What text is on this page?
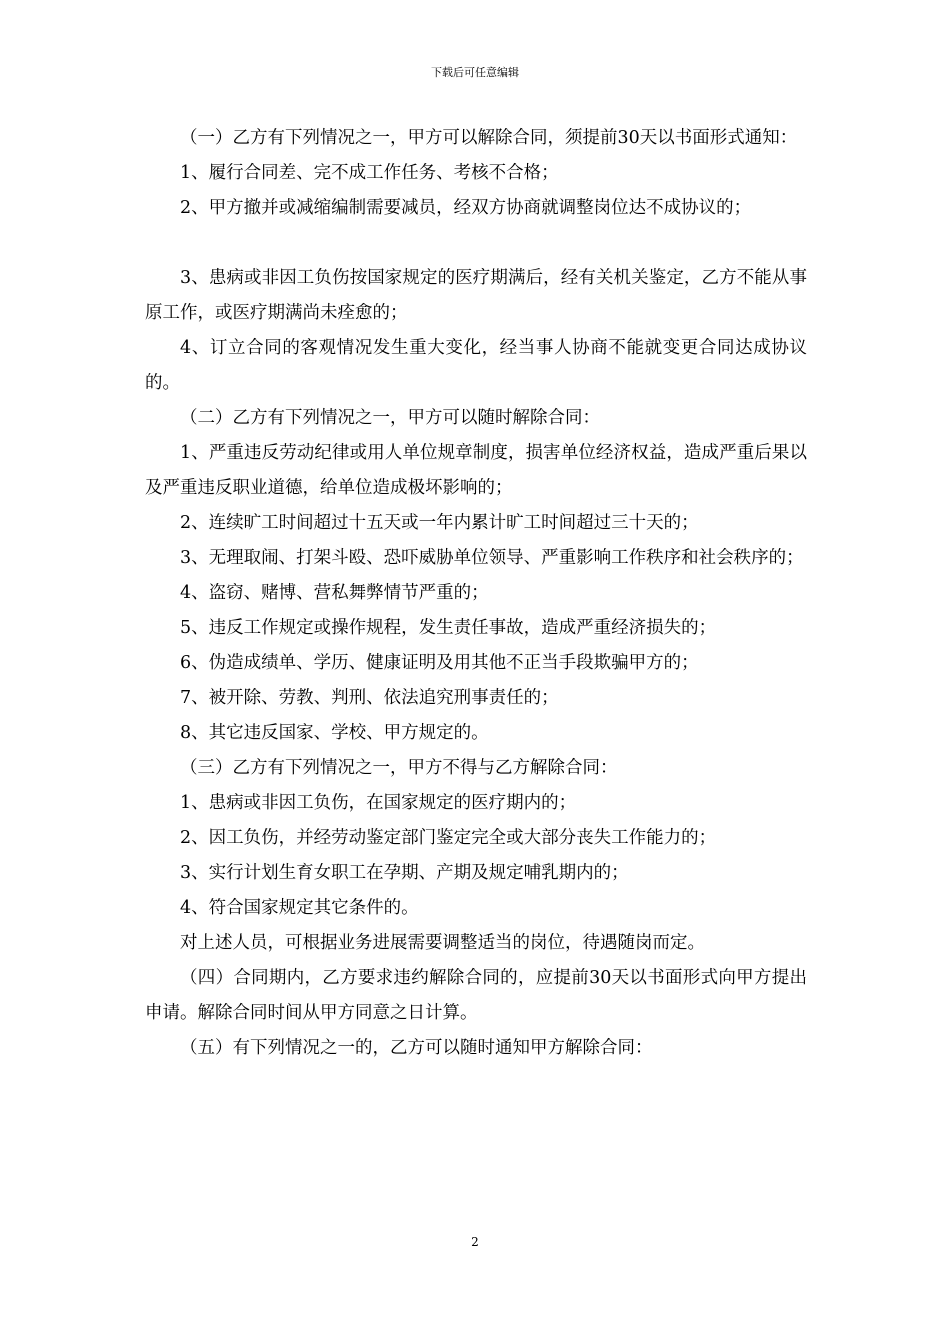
下载后可任意编辑

（一）乙方有下列情况之一，甲方可以解除合同，须提前30天以书面形式通知：

1、履行合同差、完不成工作任务、考核不合格；

2、甲方撤并或减缩编制需要减员，经双方协商就调整岗位达不成协议的；

3、患病或非因工负伤按国家规定的医疗期满后，经有关机关鉴定，乙方不能从事原工作，或医疗期满尚未痊愈的；

4、订立合同的客观情况发生重大变化，经当事人协商不能就变更合同达成协议的。

（二）乙方有下列情况之一，甲方可以随时解除合同：

1、严重违反劳动纪律或用人单位规章制度，损害单位经济权益，造成严重后果以及严重违反职业道德，给单位造成极坏影响的；

2、连续旷工时间超过十五天或一年内累计旷工时间超过三十天的；

3、无理取闹、打架斗殴、恐吓威胁单位领导、严重影响工作秩序和社会秩序的；

4、盗窃、赌博、营私舞弊情节严重的；

5、违反工作规定或操作规程，发生责任事故，造成严重经济损失的；

6、伪造成绩单、学历、健康证明及用其他不正当手段欺骗甲方的；

7、被开除、劳教、判刑、依法追究刑事责任的；

8、其它违反国家、学校、甲方规定的。

（三）乙方有下列情况之一，甲方不得与乙方解除合同：

1、患病或非因工负伤，在国家规定的医疗期内的；

2、因工负伤，并经劳动鉴定部门鉴定完全或大部分丧失工作能力的；

3、实行计划生育女职工在孕期、产期及规定哺乳期内的；

4、符合国家规定其它条件的。

对上述人员，可根据业务进展需要调整适当的岗位，待遇随岗而定。

（四）合同期内，乙方要求违约解除合同的，应提前30天以书面形式向甲方提出申请。解除合同时间从甲方同意之日计算。

（五）有下列情况之一的，乙方可以随时通知甲方解除合同：

2
